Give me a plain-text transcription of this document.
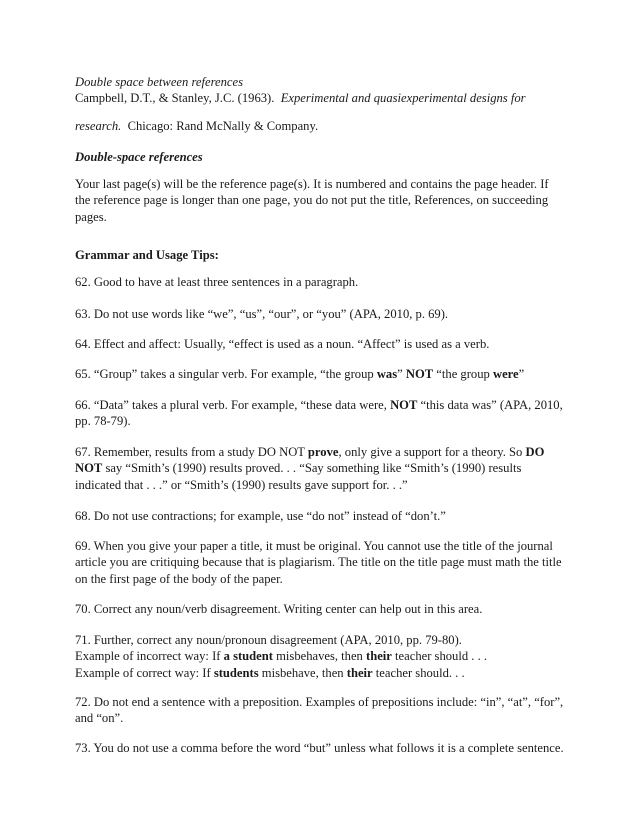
Double space between references
Campbell, D.T., & Stanley, J.C. (1963). Experimental and quasiexperimental designs for
research. Chicago: Rand McNally & Company.
Double-space references

Your last page(s) will be the reference page(s). It is numbered and contains the page header. If the reference page is longer than one page, you do not put the title, References, on succeeding pages.

Grammar and Usage Tips:

62. Good to have at least three sentences in a paragraph.

63. Do not use words like “we”, “us”, “our”, or “you” (APA, 2010, p. 69).

64. Effect and affect: Usually, “effect is used as a noun. “Affect” is used as a verb.

65. “Group” takes a singular verb. For example, “the group was” NOT “the group were”

66. “Data” takes a plural verb. For example, “these data were, NOT “this data was” (APA, 2010, pp. 78-79).

67. Remember, results from a study DO NOT prove, only give a support for a theory. So DO NOT say “Smith’s (1990) results proved. . . “Say something like “Smith’s (1990) results indicated that . . .” or “Smith’s (1990) results gave support for. . .”

68. Do not use contractions; for example, use “do not” instead of “don’t.”

69. When you give your paper a title, it must be original. You cannot use the title of the journal article you are critiquing because that is plagiarism. The title on the title page must math the title on the first page of the body of the paper.

70. Correct any noun/verb disagreement. Writing center can help out in this area.

71. Further, correct any noun/pronoun disagreement (APA, 2010, pp. 79-80).
Example of incorrect way: If a student misbehaves, then their teacher should . . .
Example of correct way: If students misbehave, then their teacher should. . .

72. Do not end a sentence with a preposition. Examples of prepositions include: “in”, “at”, “for”, and “on”.

73. You do not use a comma before the word “but” unless what follows it is a complete sentence.
